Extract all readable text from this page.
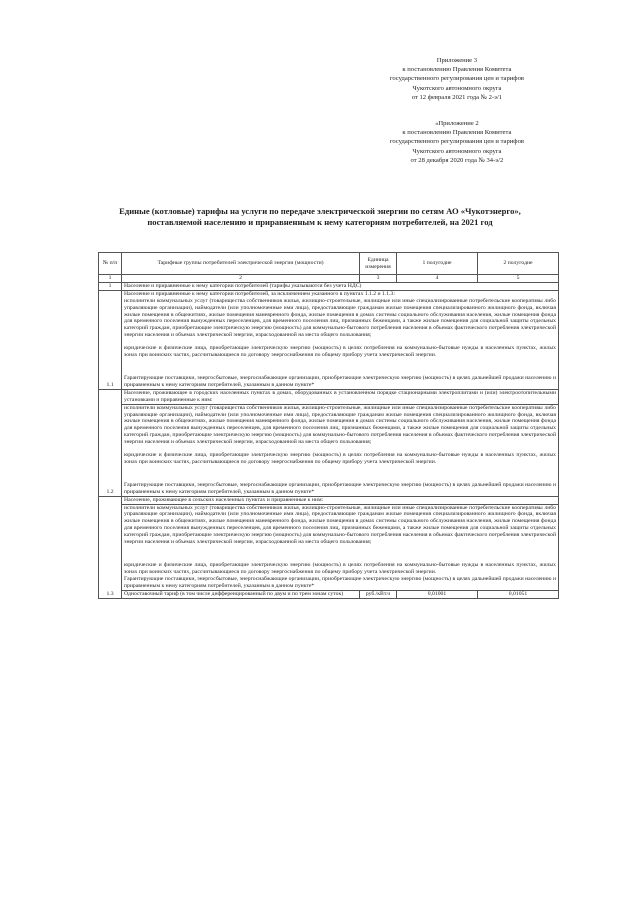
Приложение 3
к постановлению Правления Комитета
государственного регулирования цен и тарифов
Чукотского автономного округа
от 12 февраля 2021 года № 2-э/1
«Приложение 2
к постановлению Правления Комитета
государственного регулирования цен и тарифов
Чукотского автономного округа
от 28 декабря 2020 года № 34-э/2
Единые (котловые) тарифы на услуги по передаче электрической энергии по сетям АО «Чукотэнерго»,
поставляемой населению и приравненным к нему категориям потребителей, на 2021 год
№ п/п	Тарифные группы потребителей электрической энергии (мощности)	Единица измерения	1 полугодие	2 полугодие
1	2	3	4	5
1	Население и приравненные к нему категории потребителей (тарифы указываются без учета НДС)			
1.1	Население и приравненные к нему категории потребителей, за исключением указанного в пунктах 1.1.2 и 1.1.3:

исполнители коммунальных услуг (товарищества собственников жилья, жилищно-строительные, жилищные или иные специализированные потребительские кооперативы либо управляющие организации), наймодатели (или уполномоченные ими лица), предоставляющие гражданам жилые помещения специализированного жилищного фонда, включая жилые помещения в общежитиях, жилые помещения маневренного фонда, жилые помещения в домах системы социального обслуживания населения, жилые помещения фонда для временного поселения вынужденных переселенцев, для временного поселения лиц, признанных беженцами, а также жилые помещения для социальной защиты отдельных категорий граждан, приобретающие электрическую энергию (мощность) для коммунально-бытового потребления населения в объемах фактического потребления электрической энергии населения и объемах электрической энергии, израсходованной на места общего пользования;

юридические и физические лица, приобретающие электрическую энергию (мощность) в целях потребления на коммунально-бытовые нужды в населенных пунктах, жилых зонах при воинских частях, рассчитывающиеся по договору энергоснабжения по общему прибору учета электрической энергии.

Гарантирующие поставщики, энергосбытовые, энергоснабжающие организации, приобретающие электрическую энергию (мощность) в целях дальнейшей продажи населению и приравненным к нему категориям потребителей, указанным в данном пункте*			

1.2	Население, проживающее в городских населенных пунктах в домах, оборудованных в установленном порядке стационарными электроплитами и (или) электроотопительными установками и приравненные к ним:

исполнители коммунальных услуг (товарищества собственников жилья, жилищно-строительные, жилищные или иные специализированные потребительские кооперативы либо управляющие организации), наймодатели (или уполномоченные ими лица), предоставляющие гражданам жилые помещения специализированного жилищного фонда, включая жилые помещения в общежитиях, жилые помещения маневренного фонда, жилые помещения в домах системы социального обслуживания населения, жилые помещения фонда для временного поселения вынужденных переселенцев, для временного поселения лиц, признанных беженцами, а также жилые помещения для социальной защиты отдельных категорий граждан, приобретающие электрическую энергию (мощность) для коммунально-бытового потребления населения в объемах фактического потребления электрической энергии населения и объемах электрической энергии, израсходованной на места общего пользования;

юридические и физические лица, приобретающие электрическую энергию (мощность) в целях потребления на коммунально-бытовые нужды в населенных пунктах, жилых зонах при воинских частях, рассчитывающиеся по договору энергоснабжения по общему прибору учета электрической энергии.

Гарантирующие поставщики, энергосбытовые, энергоснабжающие организации, приобретающие электрическую энергию (мощность) в целях дальнейшей продажи населению и приравненным к нему категориям потребителей, указанным в данном пункте*			

1.3	Население, проживающее в сельских населенных пунктах и приравненные к ним:

исполнители коммунальных услуг (товарищества собственников жилья, жилищно-строительные, жилищные или иные специализированные потребительские кооперативы либо управляющие организации), наймодатели (или уполномоченные ими лица), предоставляющие гражданам жилые помещения специализированного жилищного фонда, включая жилые помещения в общежитиях, жилые помещения маневренного фонда, жилые помещения в домах системы социального обслуживания населения, жилые помещения фонда для временного поселения вынужденных переселенцев, для временного поселения лиц, признанных беженцами, а также жилые помещения для социальной защиты отдельных категорий граждан, приобретающие электрическую энергию (мощность) для коммунально-бытового потребления населения в объемах фактического потребления электрической энергии населения и объемах электрической энергии, израсходованной на места общего пользования;

юридические и физические лица, приобретающие электрическую энергию (мощность) в целях потребления на коммунально-бытовые нужды в населенных пунктах, жилых зонах при воинских частях, рассчитывающиеся по договору энергоснабжения по общему прибору учета электрической энергии.

Гарантирующие поставщики, энергосбытовые, энергоснабжающие организации, приобретающие электрическую энергию (мощность) в целях дальнейшей продажи населению и приравненным к нему категориям потребителей, указанным в данном пункте*			

	Одноставочный тариф (в том числе дифференцированный по двум и по трем зонам суток)	руб./кВт.ч	0,01001	0,01051
